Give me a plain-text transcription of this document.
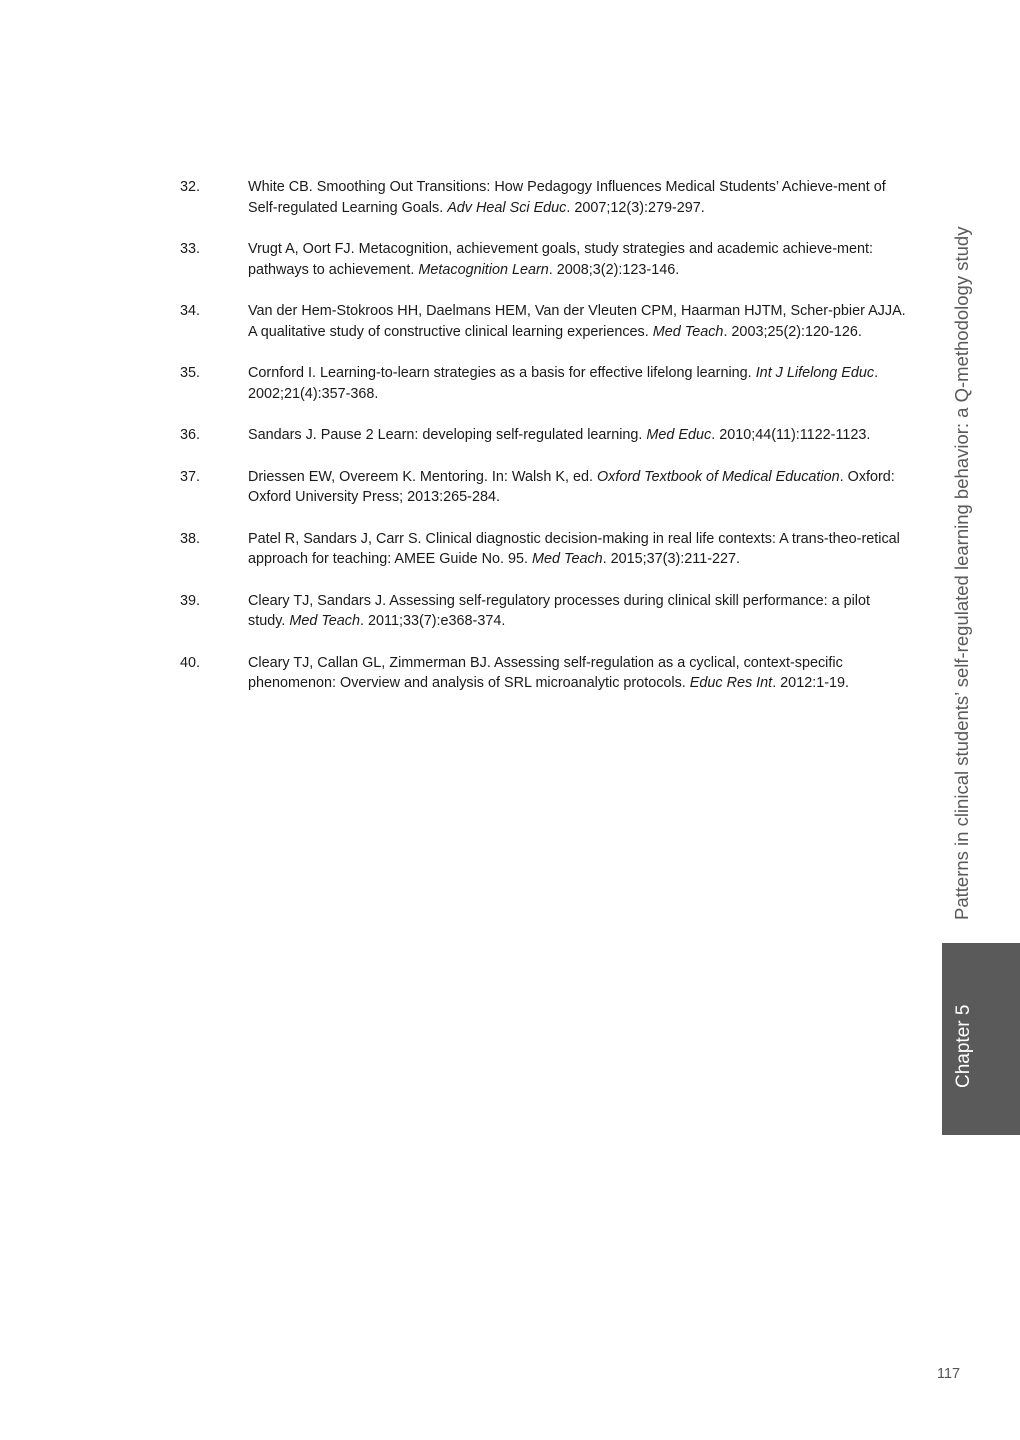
32.	White CB. Smoothing Out Transitions: How Pedagogy Influences Medical Students’ Achieve-ment of Self-regulated Learning Goals. Adv Heal Sci Educ. 2007;12(3):279-297.
33.	Vrugt A, Oort FJ. Metacognition, achievement goals, study strategies and academic achieve-ment: pathways to achievement. Metacognition Learn. 2008;3(2):123-146.
34.	Van der Hem-Stokroos HH, Daelmans HEM, Van der Vleuten CPM, Haarman HJTM, Scher-pbier AJJA. A qualitative study of constructive clinical learning experiences. Med Teach. 2003;25(2):120-126.
35.	Cornford I. Learning-to-learn strategies as a basis for effective lifelong learning. Int J Lifelong Educ. 2002;21(4):357-368.
36.	Sandars J. Pause 2 Learn: developing self-regulated learning. Med Educ. 2010;44(11):1122-1123.
37.	Driessen EW, Overeem K. Mentoring. In: Walsh K, ed. Oxford Textbook of Medical Education. Oxford: Oxford University Press; 2013:265-284.
38.	Patel R, Sandars J, Carr S. Clinical diagnostic decision-making in real life contexts: A trans-theo-retical approach for teaching: AMEE Guide No. 95. Med Teach. 2015;37(3):211-227.
39.	Cleary TJ, Sandars J. Assessing self-regulatory processes during clinical skill performance: a pilot study. Med Teach. 2011;33(7):e368-374.
40.	Cleary TJ, Callan GL, Zimmerman BJ. Assessing self-regulation as a cyclical, context-specific phenomenon: Overview and analysis of SRL microanalytic protocols. Educ Res Int. 2012:1-19.	Patterns in clinical students’ self-regulated learning behavior: a Q-methodology study
Chapter 5
117
